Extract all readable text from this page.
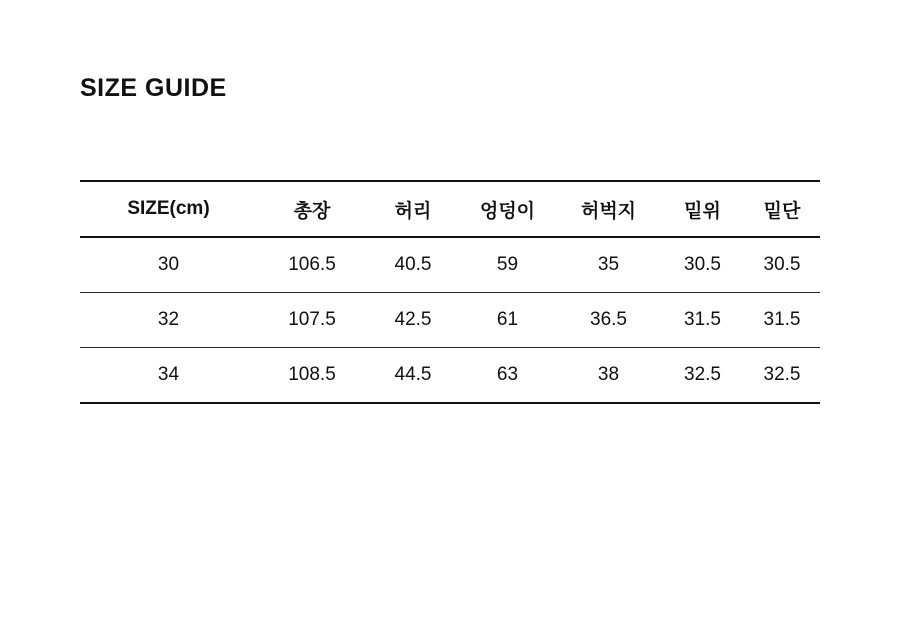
SIZE GUIDE
SIZE(cm)	총장	허리	엉덩이	허벅지	밑위	밑단
30	106.5	40.5	59	35	30.5	30.5
32	107.5	42.5	61	36.5	31.5	31.5
34	108.5	44.5	63	38	32.5	32.5
